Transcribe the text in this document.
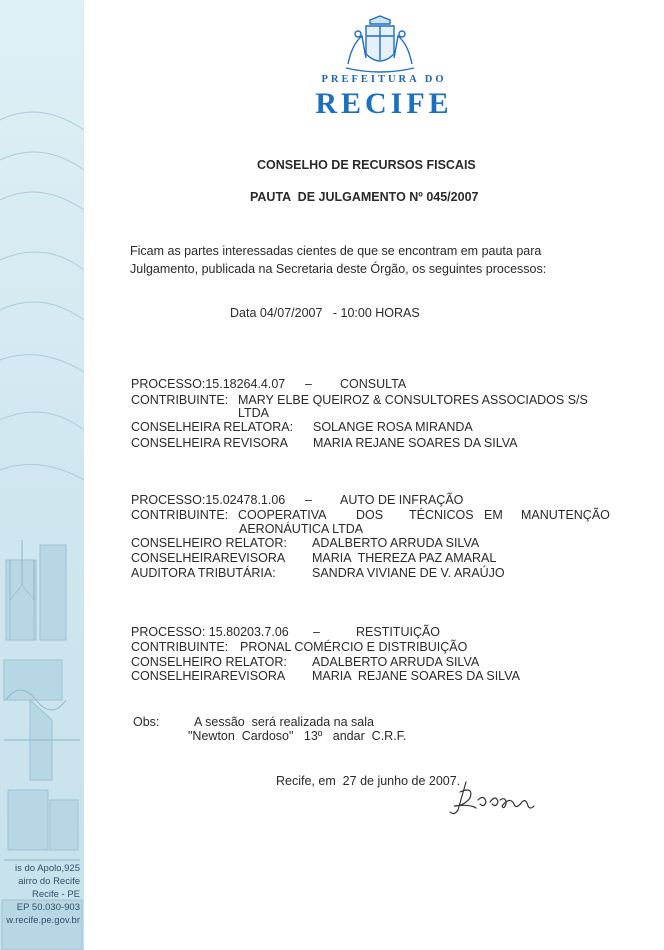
is do Apolo,925
airro do Recife
Recife - PE
EP 50.030-903
w.recife.pe.gov.br
PREFEITURA DO
RECIFE
CONSELHO DE RECURSOS FISCAIS
PAUTA  DE JULGAMENTO Nº 045/2007
Ficam as partes interessadas cientes de que se encontram em pauta para
Julgamento, publicada na Secretaria deste Órgão, os seguintes processos:
Data 04/07/2007   - 10:00 HORAS
PROCESSO:15.18264.4.07 – CONSULTA
CONTRIBUINTE: MARY ELBE QUEIROZ & CONSULTORES ASSOCIADOS S/S
LTDA
CONSELHEIRA RELATORA: SOLANGE ROSA MIRANDA
CONSELHEIRA REVISORA MARIA REJANE SOARES DA SILVA
PROCESSO:15.02478.1.06 – AUTO DE INFRAÇÃO
CONTRIBUINTE: COOPERATIVA DOS TÉCNICOS EM MANUTENÇÃO
AERONÁUTICA LTDA
CONSELHEIRO RELATOR: ADALBERTO ARRUDA SILVA
CONSELHEIRAREVISORA MARIA  THEREZA PAZ AMARAL
AUDITORA TRIBUTÁRIA:	SANDRA VIVIANE DE V. ARAÚJO
PROCESSO: 15.80203.7.06 –	RESTITUIÇÃO
CONTRIBUINTE: PRONAL COMÉRCIO E DISTRIBUIÇÃO
CONSELHEIRO RELATOR: ADALBERTO ARRUDA SILVA
CONSELHEIRAREVISORA MARIA  REJANE SOARES DA SILVA
Obs:	A sessão  será realizada na sala
"Newton  Cardoso"   13º   andar  C.R.F.
Recife, em  27 de junho de 2007.
